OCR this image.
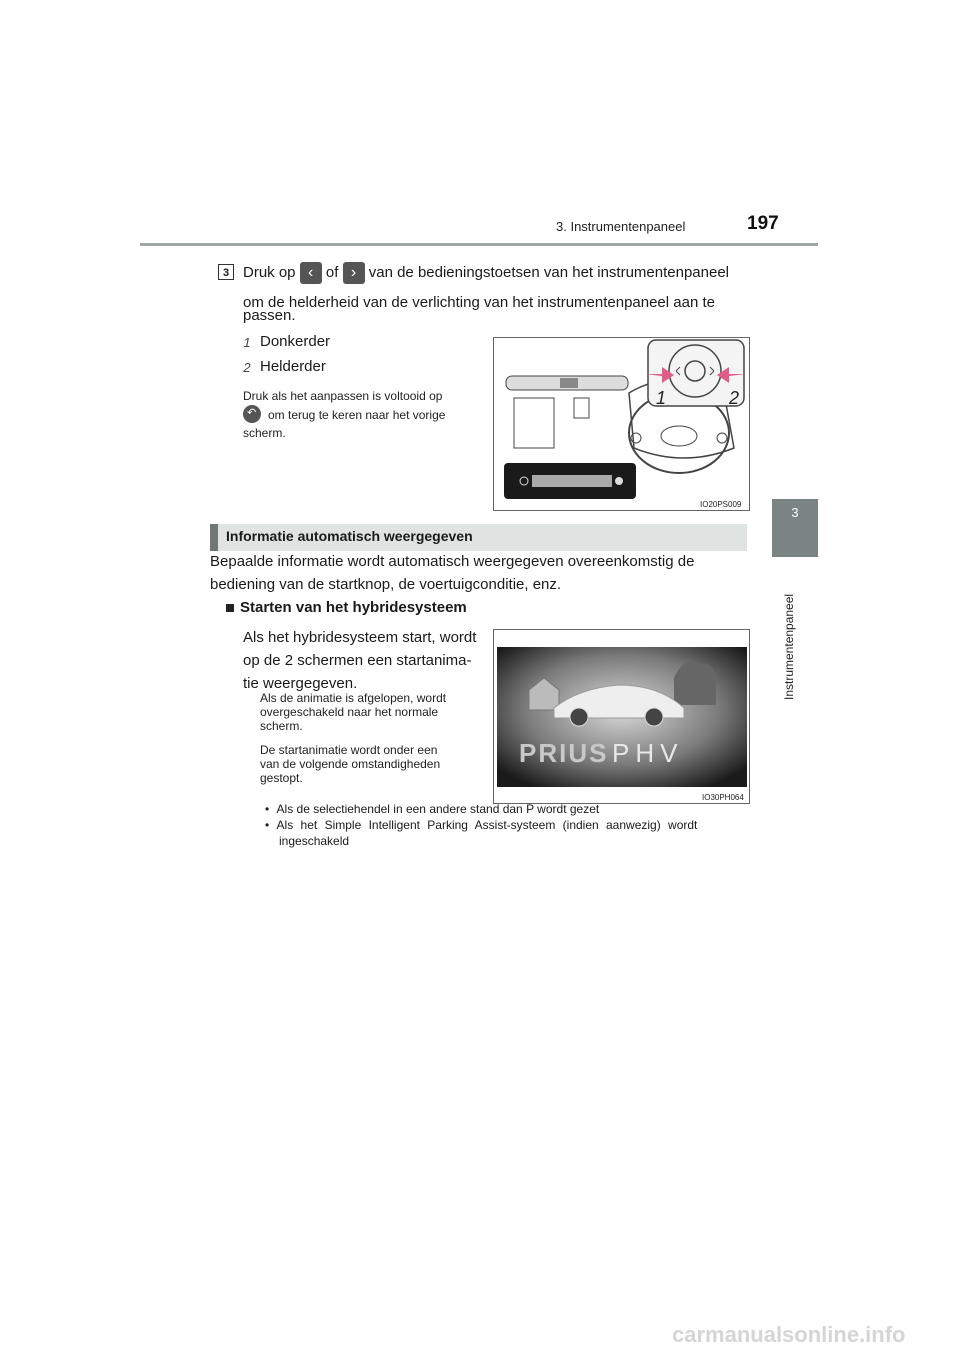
3. Instrumentenpaneel	197
3
Instrumentenpaneel
3 Druk op ‹ of › van de bedieningstoetsen van het instrumentenpaneel
om de helderheid van de verlichting van het instrumentenpaneel aan te
passen.
1 Donkerder
2 Helderder
Druk als het aanpassen is voltooid op
↶ om terug te keren naar het vorige
scherm.
1	2
IO20PS009
Informatie automatisch weergegeven
Bepaalde informatie wordt automatisch weergegeven overeenkomstig de
bediening van de startknop, de voertuigconditie, enz.
Starten van het hybridesysteem
Als het hybridesysteem start, wordt
op de 2 schermen een startanima-
tie weergegeven.
Als de animatie is afgelopen, wordt
overgeschakeld naar het normale
scherm.
De startanimatie wordt onder een
van de volgende omstandigheden
gestopt.
PRIUS PHV
IO30PH064
• Als de selectiehendel in een andere stand dan P wordt gezet
• Als het Simple Intelligent Parking Assist-systeem (indien aanwezig) wordt
ingeschakeld
carmanualsonline.info
